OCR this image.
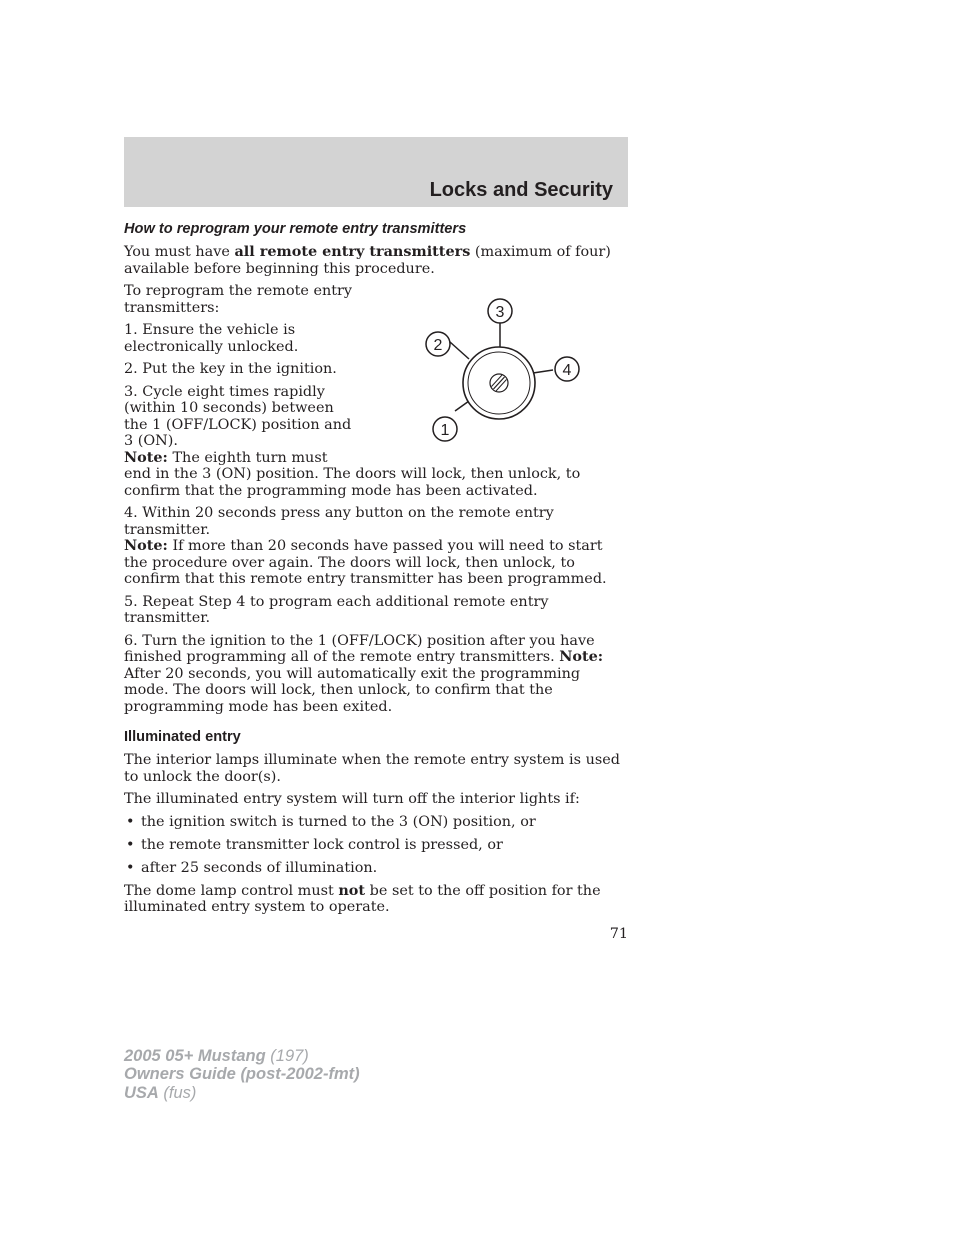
Locks and Security
How to reprogram your remote entry transmitters

You must have all remote entry transmitters (maximum of four) available before beginning this procedure.

3
2
4
1

To reprogram the remote entry transmitters:

1. Ensure the vehicle is electronically unlocked.

2. Put the key in the ignition.

3. Cycle eight times rapidly (within 10 seconds) between the 1 (OFF/LOCK) position and 3 (ON).
Note: The eighth turn must end in the 3 (ON) position. The doors will lock, then unlock, to confirm that the programming mode has been activated.

4. Within 20 seconds press any button on the remote entry transmitter.
Note: If more than 20 seconds have passed you will need to start the procedure over again. The doors will lock, then unlock, to confirm that this remote entry transmitter has been programmed.

5. Repeat Step 4 to program each additional remote entry transmitter.

6. Turn the ignition to the 1 (OFF/LOCK) position after you have finished programming all of the remote entry transmitters. Note: After 20 seconds, you will automatically exit the programming mode. The doors will lock, then unlock, to confirm that the programming mode has been exited.

Illuminated entry

The interior lamps illuminate when the remote entry system is used to unlock the door(s).

The illuminated entry system will turn off the interior lights if:

• the ignition switch is turned to the 3 (ON) position, or
• the remote transmitter lock control is pressed, or
• after 25 seconds of illumination.

The dome lamp control must not be set to the off position for the illuminated entry system to operate.

71
2005 05+ Mustang (197)
Owners Guide (post-2002-fmt)
USA (fus)
